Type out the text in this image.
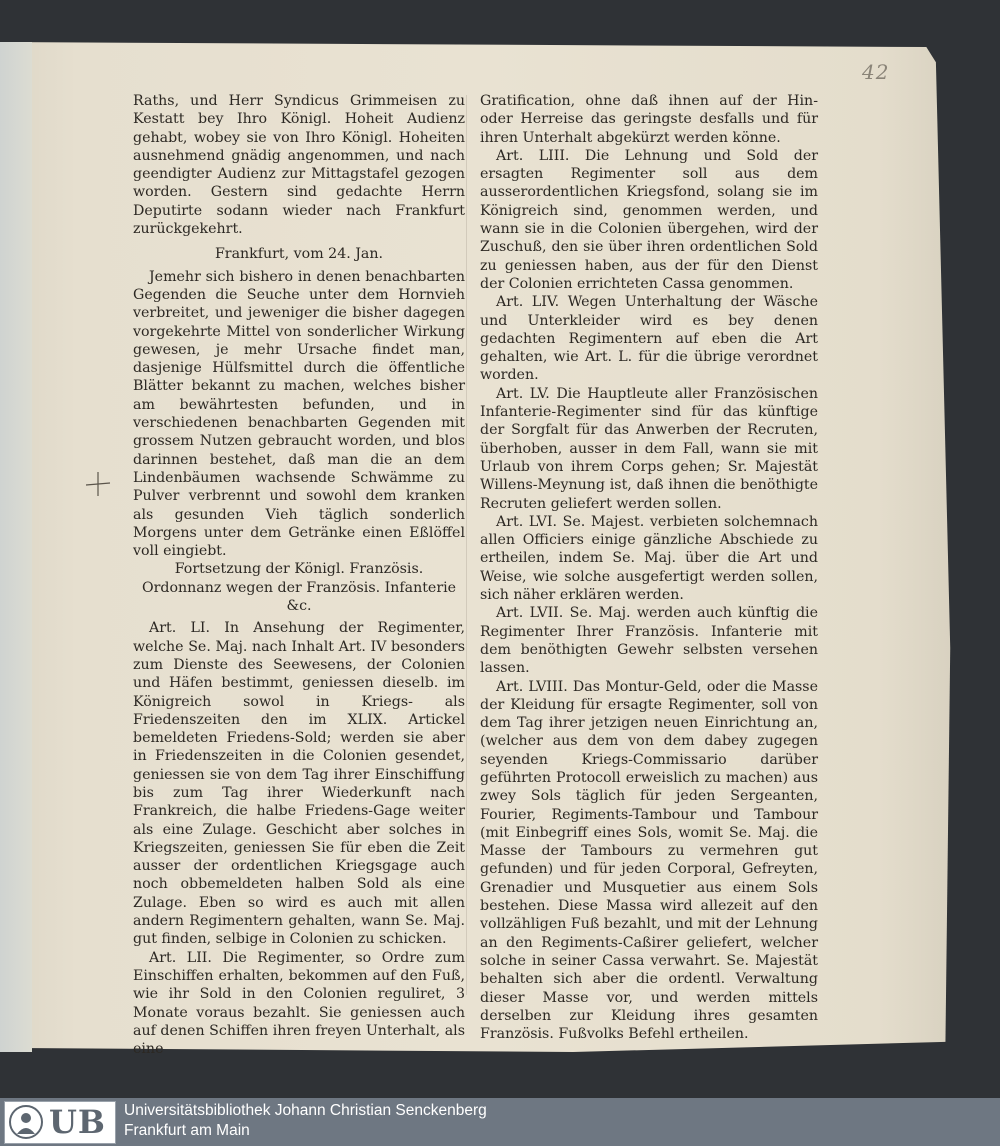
42

Raths, und Herr Syndicus Grimmeisen zu Kestatt bey Ihro Königl. Hoheit Audienz gehabt, wobey sie von Ihro Königl. Hoheiten ausnehmend gnädig angenommen, und nach geendigter Audienz zur Mittagstafel gezogen worden. Gestern sind gedachte Herrn Deputirte sodann wieder nach Frankfurt zurückgekehrt.

Frankfurt, vom 24. Jan.

Jemehr sich bishero in denen benachbarten Gegenden die Seuche unter dem Hornvieh verbreitet, und jeweniger die bisher dagegen vorgekehrte Mittel von sonderlicher Wirkung gewesen, je mehr Ursache findet man, dasjenige Hülfsmittel durch die öffentliche Blätter bekannt zu machen, welches bisher am bewährtesten befunden, und in verschiedenen benachbarten Gegenden mit grossem Nutzen gebraucht worden, und blos darinnen bestehet, daß man die an dem Lindenbäumen wachsende Schwämme zu Pulver verbrennt und sowohl dem kranken als gesunden Vieh täglich sonderlich Morgens unter dem Getränke einen Eßlöffel voll eingiebt.

Fortsetzung der Königl. Französis. Ordonnanz wegen der Französis. Infanterie &c.

Art. LI. In Ansehung der Regimenter, welche Se. Maj. nach Inhalt Art. IV besonders zum Dienste des Seewesens, der Colonien und Häfen bestimmt, geniessen dieselb. im Königreich sowol in Kriegs- als Friedenszeiten den im XLIX. Artickel bemeldeten Friedens-Sold; werden sie aber in Friedenszeiten in die Colonien gesendet, geniessen sie von dem Tag ihrer Einschiffung bis zum Tag ihrer Wiederkunft nach Frankreich, die halbe Friedens-Gage weiter als eine Zulage. Geschicht aber solches in Kriegszeiten, geniessen Sie für eben die Zeit ausser der ordentlichen Kriegsgage auch noch obbemeldeten halben Sold als eine Zulage. Eben so wird es auch mit allen andern Regimentern gehalten, wann Se. Maj. gut finden, selbige in Colonien zu schicken.

Art. LII. Die Regimenter, so Ordre zum Einschiffen erhalten, bekommen auf den Fuß, wie ihr Sold in den Colonien reguliret, 3 Monate voraus bezahlt. Sie geniessen auch auf denen Schiffen ihren freyen Unterhalt, als eine

Gratification, ohne daß ihnen auf der Hin- oder Herreise das geringste desfalls und für ihren Unterhalt abgekürzt werden könne.

Art. LIII. Die Lehnung und Sold der ersagten Regimenter soll aus dem ausserordentlichen Kriegsfond, solang sie im Königreich sind, genommen werden, und wann sie in die Colonien übergehen, wird der Zuschuß, den sie über ihren ordentlichen Sold zu geniessen haben, aus der für den Dienst der Colonien errichteten Cassa genommen.

Art. LIV. Wegen Unterhaltung der Wäsche und Unterkleider wird es bey denen gedachten Regimentern auf eben die Art gehalten, wie Art. L. für die übrige verordnet worden.

Art. LV. Die Hauptleute aller Französischen Infanterie-Regimenter sind für das künftige der Sorgfalt für das Anwerben der Recruten, überhoben, ausser in dem Fall, wann sie mit Urlaub von ihrem Corps gehen; Sr. Majestät Willens-Meynung ist, daß ihnen die benöthigte Recruten geliefert werden sollen.

Art. LVI. Se. Majest. verbieten solchemnach allen Officiers einige gänzliche Abschiede zu ertheilen, indem Se. Maj. über die Art und Weise, wie solche ausgefertigt werden sollen, sich näher erklären werden.

Art. LVII. Se. Maj. werden auch künftig die Regimenter Ihrer Französis. Infanterie mit dem benöthigten Gewehr selbsten versehen lassen.

Art. LVIII. Das Montur-Geld, oder die Masse der Kleidung für ersagte Regimenter, soll von dem Tag ihrer jetzigen neuen Einrichtung an, (welcher aus dem von dem dabey zugegen seyenden Kriegs-Commissario darüber geführten Protocoll erweislich zu machen) aus zwey Sols täglich für jeden Sergeanten, Fourier, Regiments-Tambour und Tambour (mit Einbegriff eines Sols, womit Se. Maj. die Masse der Tambours zu vermehren gut gefunden) und für jeden Corporal, Gefreyten, Grenadier und Musquetier aus einem Sols bestehen. Diese Massa wird allezeit auf den vollzähligen Fuß bezahlt, und mit der Lehnung an den Regiments-Caßirer geliefert, welcher solche in seiner Cassa verwahrt. Se. Majestät behalten sich aber die ordentl. Verwaltung dieser Masse vor, und werden mittels derselben zur Kleidung ihres gesamten Französis. Fußvolks Befehl ertheilen.

UB Universitätsbibliothek Johann Christian Senckenberg
Frankfurt am Main
